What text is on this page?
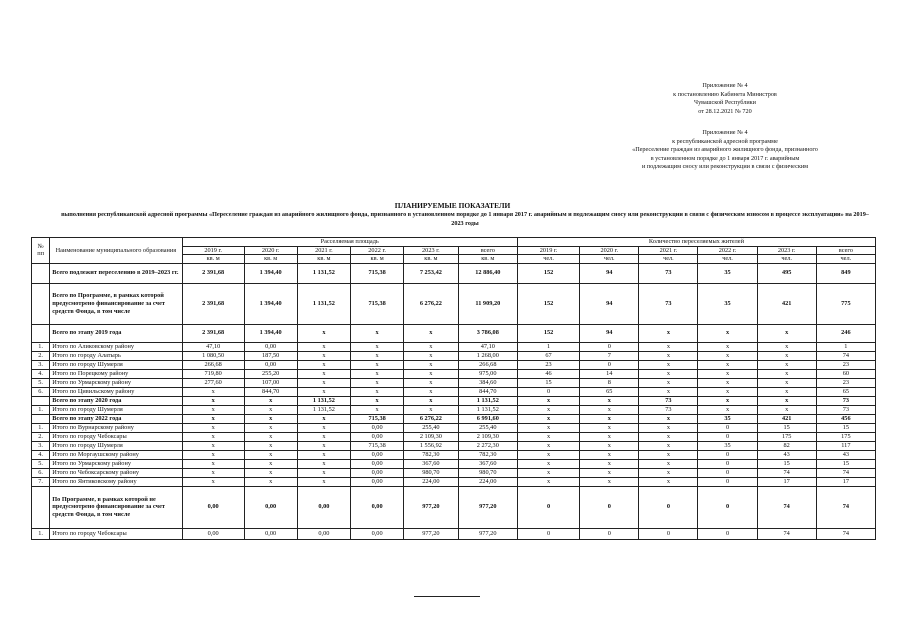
Приложение № 4
к постановлению Кабинета Министров
Чувашской Республики
от 28.12.2021 № 720
Приложение № 4
к республиканской адресной программе
«Переселение граждан из аварийного жилищного фонда, признанного
в установленном порядке до 1 января 2017 г. аварийным
и подлежащим сносу или реконструкции в связи с физическим
ПЛАНИРУЕМЫЕ ПОКАЗАТЕЛИ
выполнения республиканской адресной программы «Переселение граждан из аварийного жилищного фонда, признанного в установленном порядке до 1 января 2017 г. аварийным и подлежащим сносу или реконструкции в связи с физическим износом в процессе эксплуатации» на 2019–2023 годы
№ пп	Наименование муниципального образования	Расселяемая площадь						Количество переселяемых жителей					
		2019 г.	2020 г.	2021 г.	2022 г.	2023 г.	всего	2019 г.	2020 г.	2021 г.	2022 г.	2023 г.	всего
		кв. м	кв. м	кв. м	кв. м	кв. м	кв. м	чел.	чел.	чел.	чел.	чел.	чел.
	Всего подлежит переселению в 2019–2023 гг.	2 391,68	1 394,40	1 131,52	715,38	7 253,42	12 886,40	152	94	73	35	495	849
	Всего по Программе, в рамках которой предусмотрено финансирование за счет средств Фонда, в том числе	2 391,68	1 394,40	1 131,52	715,38	6 276,22	11 909,20	152	94	73	35	421	775
	Всего по этапу 2019 года	2 391,68	1 394,40	x	x	x	3 786,08	152	94	x	x	x	246
1.	Итого по Аликовскому району	47,10	0,00	x	x	x	47,10	1	0	x	x	x	1
2.	Итого по городу Алатырь	1 080,50	187,50	x	x	x	1 268,00	67	7	x	x	x	74
3.	Итого по городу Шумерля	266,68	0,00	x	x	x	266,68	23	0	x	x	x	23
4.	Итого по Порецкому району	719,80	255,20	x	x	x	975,00	46	14	x	x	x	60
5.	Итого по Урмарскому району	277,60	107,00	x	x	x	384,60	15	8	x	x	x	23
6.	Итого по Цивильскому району	x	844,70	x	x	x	844,70	0	65	x	x	x	65
	Всего по этапу 2020 года	x	x	1 131,52	x	x	1 131,52	x	x	73	x	x	73
1.	Итого по городу Шумерля	x	x	1 131,52	x	x	1 131,52	x	x	73	x	x	73
	Всего по этапу 2022 года	x	x	x	715,38	6 276,22	6 991,60	x	x	x	35	421	456
1.	Итого по Вурнарскому району	x	x	x	0,00	255,40	255,40	x	x	x	0	15	15
2.	Итого по городу Чебоксары	x	x	x	0,00	2 109,30	2 109,30	x	x	x	0	175	175
3.	Итого по городу Шумерля	x	x	x	715,38	1 556,92	2 272,30	x	x	x	35	82	117
4.	Итого по Моргаушскому району	x	x	x	0,00	782,30	782,30	x	x	x	0	43	43
5.	Итого по Урмарскому району	x	x	x	0,00	367,60	367,60	x	x	x	0	15	15
6.	Итого по Чебоксарскому району	x	x	x	0,00	980,70	980,70	x	x	x	0	74	74
7.	Итого по Янтиковскому району	x	x	x	0,00	224,00	224,00	x	x	x	0	17	17
	По Программе, в рамках которой не предусмотрено финансирование за счет средств Фонда, в том числе	0,00	0,00	0,00	0,00	977,20	977,20	0	0	0	0	74	74
1.	Итого по городу Чебоксары	0,00	0,00	0,00	0,00	977,20	977,20	0	0	0	0	74	74
